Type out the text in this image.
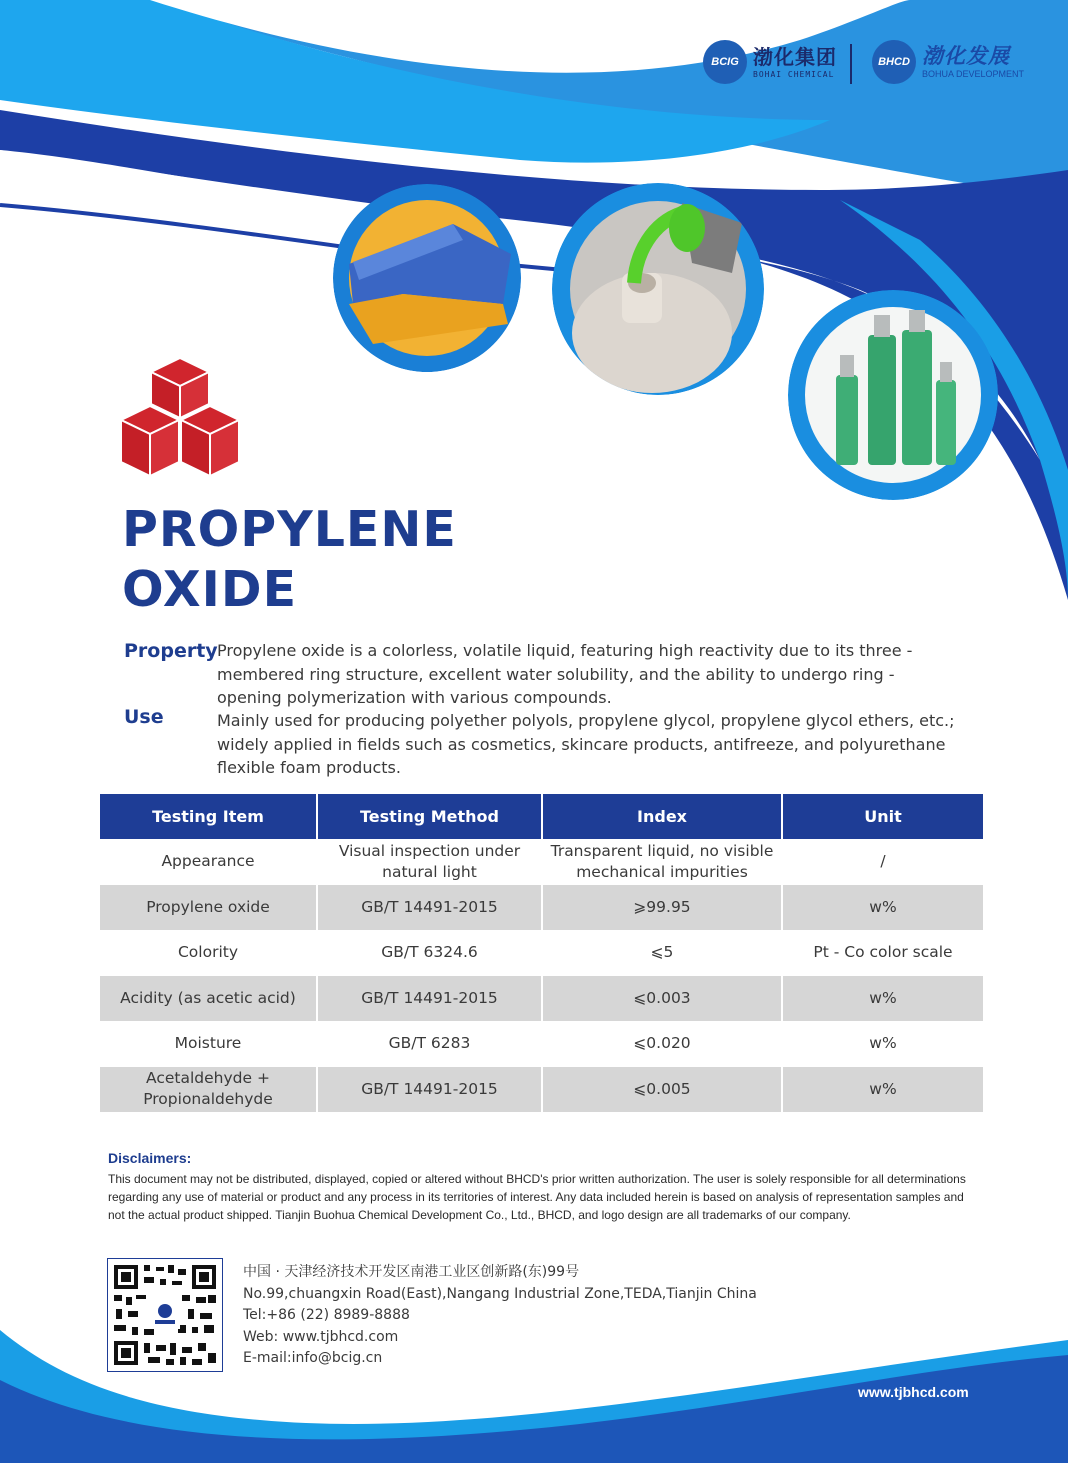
BCIG 渤化集团
BOHAI CHEMICAL
BHCD 渤化发展
BOHUA DEVELOPMENT
PROPYLENE
OXIDE
Property Propylene oxide is a colorless, volatile liquid, featuring high reactivity due to its three - membered ring structure, excellent water solubility, and the ability to undergo ring - opening polymerization with various compounds.
Use	Mainly used for producing polyether polyols, propylene glycol, propylene glycol ethers, etc.; widely applied in fields such as cosmetics, skincare products, antifreeze, and polyurethane flexible foam products.
Testing Item	Testing Method	Index	Unit
Appearance	Visual inspection under natural light	Transparent liquid, no visible mechanical impurities	/
Propylene oxide	GB/T 14491-2015	⩾99.95	w%
Colority	GB/T 6324.6	⩽5	Pt - Co color scale
Acidity (as acetic acid)	GB/T 14491-2015	⩽0.003	w%
Moisture	GB/T 6283	⩽0.020	w%
Acetaldehyde + Propionaldehyde	GB/T 14491-2015	⩽0.005	w%
Disclaimers:
This document may not be distributed, displayed, copied or altered without BHCD's prior written authorization. The user is solely responsible for all determinations regarding any use of material or product and any process in its territories of interest. Any data included herein is based on analysis of representation samples and not the actual product shipped. Tianjin Buohua Chemical Development Co., Ltd., BHCD, and logo design are all trademarks of our company.
中国 · 天津经济技术开发区南港工业区创新路(东)99号
No.99,chuangxin Road(East),Nangang Industrial Zone,TEDA,Tianjin China
Tel:+86 (22) 8989-8888
Web: www.tjbhcd.com
E-mail:info@bcig.cn
www.tjbhcd.com
